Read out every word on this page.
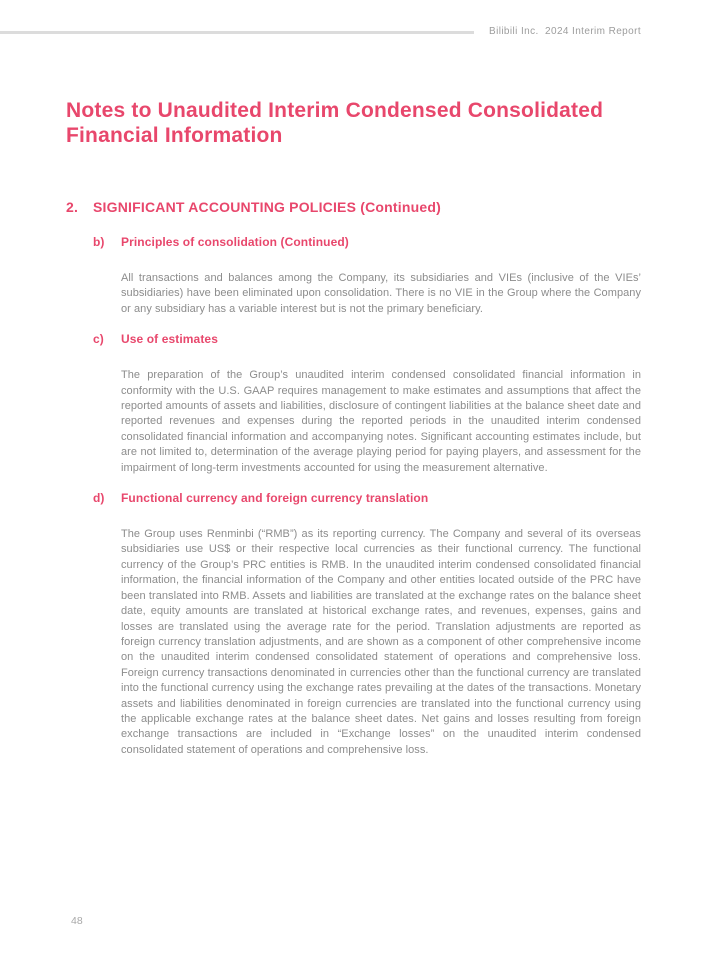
Bilibili Inc.  2024 Interim Report
Notes to Unaudited Interim Condensed Consolidated Financial Information
2.	SIGNIFICANT ACCOUNTING POLICIES (Continued)
b)	Principles of consolidation (Continued)

All transactions and balances among the Company, its subsidiaries and VIEs (inclusive of the VIEs’ subsidiaries) have been eliminated upon consolidation. There is no VIE in the Group where the Company or any subsidiary has a variable interest but is not the primary beneficiary.

c)	Use of estimates

The preparation of the Group’s unaudited interim condensed consolidated financial information in conformity with the U.S. GAAP requires management to make estimates and assumptions that affect the reported amounts of assets and liabilities, disclosure of contingent liabilities at the balance sheet date and reported revenues and expenses during the reported periods in the unaudited interim condensed consolidated financial information and accompanying notes. Significant accounting estimates include, but are not limited to, determination of the average playing period for paying players, and assessment for the impairment of long-term investments accounted for using the measurement alternative.

d)	Functional currency and foreign currency translation

The Group uses Renminbi (“RMB”) as its reporting currency. The Company and several of its overseas subsidiaries use US$ or their respective local currencies as their functional currency. The functional currency of the Group’s PRC entities is RMB. In the unaudited interim condensed consolidated financial information, the financial information of the Company and other entities located outside of the PRC have been translated into RMB. Assets and liabilities are translated at the exchange rates on the balance sheet date, equity amounts are translated at historical exchange rates, and revenues, expenses, gains and losses are translated using the average rate for the period. Translation adjustments are reported as foreign currency translation adjustments, and are shown as a component of other comprehensive income on the unaudited interim condensed consolidated statement of operations and comprehensive loss. Foreign currency transactions denominated in currencies other than the functional currency are translated into the functional currency using the exchange rates prevailing at the dates of the transactions. Monetary assets and liabilities denominated in foreign currencies are translated into the functional currency using the applicable exchange rates at the balance sheet dates. Net gains and losses resulting from foreign exchange transactions are included in “Exchange losses” on the unaudited interim condensed consolidated statement of operations and comprehensive loss.

48
